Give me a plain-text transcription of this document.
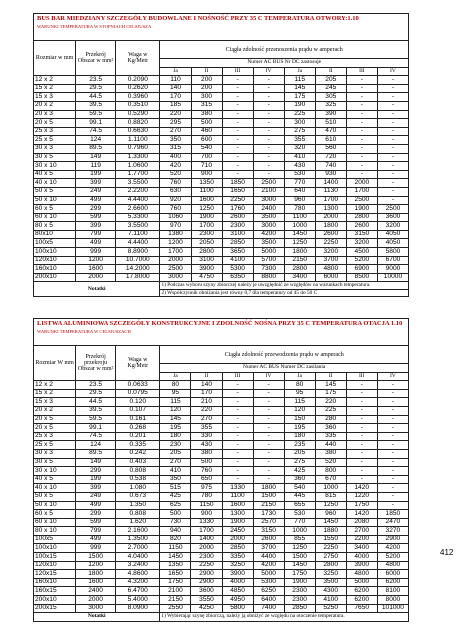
BUS BAR MIEDZIANY SZCZEGÓŁY BUDOWLANE I NOŚNOŚĆ PRZY 35 C TEMPERATURA OTWORY:1.10
WARUNKI TEMPERATURA W STOPNIACH CELSJUSZA										

Rozmiar w mm	Przekrój Obszar w mm²	Waga w Kg/Metr	Ciągła zdolność przenoszenia prądu w amperach							
			Numer AC BUS Nr DC zastosuje							
			Ja	II	III	IV	Ja	II	III	IV
12 x 2	23.5	0.2090	110	200	-	-	115	205	-	-
15 x 2	29.5	0.2620	140	200	-	-	145	245	-	-
15 x 3	44.5	0.3960	170	300	-	-	175	305	-	-
20 x 2	39.5	0.3510	185	315	-	-	190	325	-	-
20 x 3	59.5	0.5290	220	380	-	-	225	390	-	-
20 x 5	99.1	0.8820	295	500	-	-	300	510	-	-
25 x 3	74.5	0.6630	270	460	-	-	275	470	-	-
25 x 5	124	1.1100	350	600	-	-	355	610	-	-
30 x 3	89.5	0.7960	315	540	-	-	320	560	-	-
30 x 5	149	1.3300	400	700	-	-	410	720	-	-
30 x 10	119	1.0600	420	710	-	-	430	740	-	-
40 x 5	199	1.7700	520	900	-	-	530	930	-	-
40 x 10	399	3.5500	760	1350	1850	2500	770	1400	2000	-
50 x 5	249	2.2200	630	1100	1650	2100	640	1130	1700	-
50 x 10	499	4.4400	920	1600	2250	3000	960	1700	2500	-
60 x 5	299	2.6600	760	1250	1760	2400	780	1300	1900	2500
60 x 10	599	5.3300	1060	1900	2600	3500	1100	2000	2800	3600
80 x 5	399	3.5500	970	1700	2300	3000	1000	1800	2600	3200
80x10	799	7.1100	1380	2300	3100	4200	1450	2600	3150	4050
100x5	499	4.4400	1200	2050	2850	3500	1250	2250	3200	4050
100x10	999	8.8900	1700	2800	3650	5000	1800	3200	4500	5800
120x10	1200	10.7000	2000	3100	4100	5700	2150	3700	5200	6700
160x10	1600	14.2000	2500	3900	5300	7300	2800	4800	6900	9000
200x10	2000	17.8000	3000	4750	6350	8800	3400	6000	8500	10000
Notatki			1) Podczas wyboru szyny zbiorczej należy je uwzględnić ze względów na warunkach temperatura.							
			2) Współczynnik obniżania jest równy 0,7 dla temperatury od 45 do 50 C							
LISTWA ALUMINIOWA SZCZEGÓŁY KONSTRUKCYJNE I ZDOLNOŚĆ NOŚNA PRZY 35 C TEMPERATURA OTACJA 1.10
WARUNKI TEMPERATURA W CELSJUSZACH										

Rozmiar W mm	Przekrój przekroju Obszar w mm²	Waga w Kg/Metr	Ciągła zdolność przewodzenia prądu w amperach							
			Numer AC BUS Numer DC zasilania							
			Ja	II	III	IV	Ja	II	III	IV
12 x 2	23.5	0.0633	80	140	-	-	80	145	-	-
15 x 2	29.5	0.0795	95	170	-	-	95	175	-	-
15 x 3	44.5	0.120	115	210	-	-	115	220	-	-
20 x 2	39.5	0.107	120	220	-	-	120	225	-	-
20 x 5	59.5	0.161	145	270	-	-	150	280	-	-
20 x 5	99.1	0.268	195	355	-	-	195	360	-	-
25 x 3	74.5	0.201	180	330	-	-	180	335	-	-
25 x 5	124	0.335	230	430	-	-	235	440	-	-
30 x 3	89.5	0.242	205	380	-	-	205	380	-	-
30 x 5	149	0.403	270	500	-	-	275	520	-	-
30 x 10	299	0.808	410	760	-	-	425	800	-	-
40 x 5	199	0.538	350	650	-	-	360	670	-	-
40 x 10	399	1.080	515	975	1330	1800	540	1000	1420	-
50 x 5	249	0.673	425	780	1100	1500	445	815	1220	-
50 x 10	499	1.350	625	1150	1600	2150	655	1250	1750	-
60 x 5	299	0.808	500	900	1300	1730	530	960	1420	1850
60 x 10	599	1.620	730	1330	1900	2570	770	1450	2080	2470
80 x 10	799	2.1600	940	1700	2450	3150	1000	1880	2700	3270
100x5	499	1.3500	820	1400	2000	2600	855	1550	2200	2900
100x10	999	2.7000	1150	2000	2850	3700	1250	2250	3400	4200
100x15	1500	4.0400	1450	2300	3350	4400	1500	2750	4000	5200
120x10	1200	3.2400	1350	2250	3250	4200	1450	2800	3900	4800
120x15	1800	4.8600	1650	2900	3900	5000	1750	3250	4800	6000
160x10	1600	4.3200	1750	2900	4000	5300	1900	3500	5000	6200
160x15	2400	6.4700	2100	3600	4850	6250	2300	4300	6200	8100
200x10	2000	5.4000	2150	3550	4950	6400	2300	4100	6200	8000
200x15	3000	8.0900	2550	4250	5800	7400	2850	5250	7650	101000
Notatki			1) Wybierając szynę zbiorczą, należy ją obniżyć ze względu na otoczenie temperatura.							
412
